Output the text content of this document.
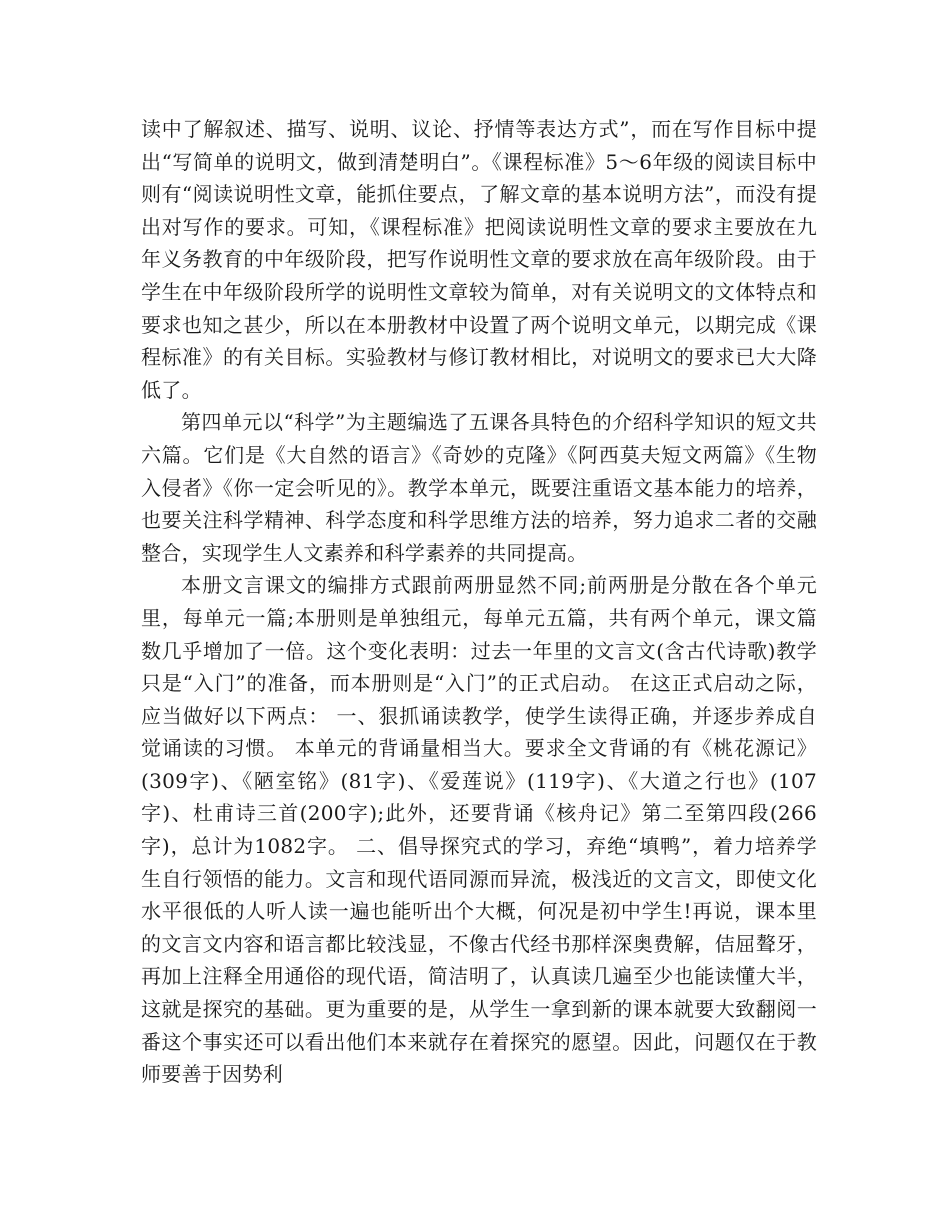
读中了解叙述、描写、说明、议论、抒情等表达方式”，而在写作目标中提出“写简单的说明文，做到清楚明白”。《课程标准》5～6年级的阅读目标中则有“阅读说明性文章，能抓住要点，了解文章的基本说明方法”，而没有提出对写作的要求。可知，《课程标准》把阅读说明性文章的要求主要放在九年义务教育的中年级阶段，把写作说明性文章的要求放在高年级阶段。由于学生在中年级阶段所学的说明性文章较为简单，对有关说明文的文体特点和要求也知之甚少，所以在本册教材中设置了两个说明文单元，以期完成《课程标准》的有关目标。实验教材与修订教材相比，对说明文的要求已大大降低了。

第四单元以“科学”为主题编选了五课各具特色的介绍科学知识的短文共六篇。它们是《大自然的语言》《奇妙的克隆》《阿西莫夫短文两篇》《生物入侵者》《你一定会听见的》。教学本单元，既要注重语文基本能力的培养，也要关注科学精神、科学态度和科学思维方法的培养，努力追求二者的交融整合，实现学生人文素养和科学素养的共同提高。

本册文言课文的编排方式跟前两册显然不同;前两册是分散在各个单元里，每单元一篇;本册则是单独组元，每单元五篇，共有两个单元，课文篇数几乎增加了一倍。这个变化表明：过去一年里的文言文(含古代诗歌)教学只是“入门”的准备，而本册则是“入门”的正式启动。 在这正式启动之际，应当做好以下两点： 一、狠抓诵读教学，使学生读得正确，并逐步养成自觉诵读的习惯。 本单元的背诵量相当大。要求全文背诵的有《桃花源记》(309字)、《陋室铭》(81字)、《爱莲说》(119字)、《大道之行也》(107字)、杜甫诗三首(200字);此外，还要背诵《核舟记》第二至第四段(266字)，总计为1082字。 二、倡导探究式的学习，弃绝“填鸭”，着力培养学生自行领悟的能力。文言和现代语同源而异流，极浅近的文言文，即使文化水平很低的人听人读一遍也能听出个大概，何况是初中学生!再说，课本里的文言文内容和语言都比较浅显，不像古代经书那样深奥费解，佶屈聱牙，再加上注释全用通俗的现代语，简洁明了，认真读几遍至少也能读懂大半，这就是探究的基础。更为重要的是，从学生一拿到新的课本就要大致翻阅一番这个事实还可以看出他们本来就存在着探究的愿望。因此，问题仅在于教师要善于因势利
